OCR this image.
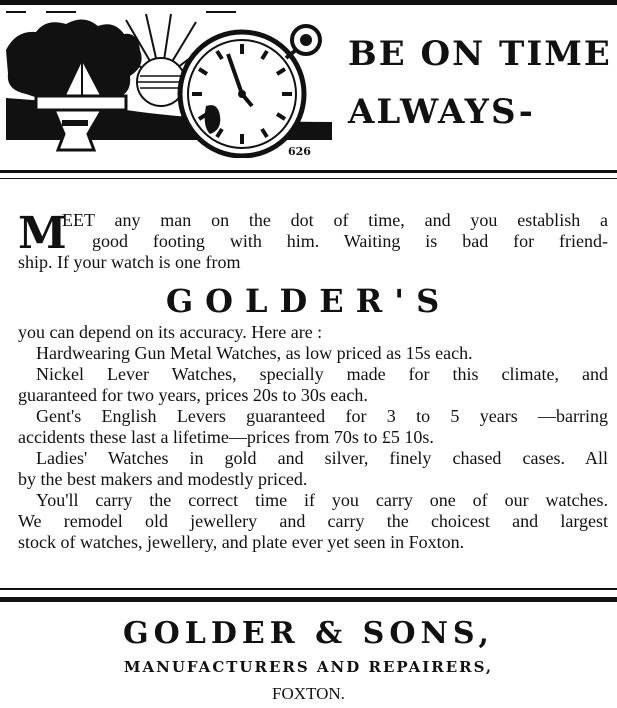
626
BE ON TIME
ALWAYS-
M
EET any man on the dot of time, and you establish a
good footing with him. Waiting is bad for friend-
ship. If your watch is one from
GOLDER'S
you can depend on its accuracy. Here are :
Hardwearing Gun Metal Watches, as low priced as 15s each.
Nickel Lever Watches, specially made for this climate, and
guaranteed for two years, prices 20s to 30s each.
Gent's English Levers guaranteed for 3 to 5 years —barring
accidents these last a lifetime—prices from 70s to £5 10s.
Ladies' Watches in gold and silver, finely chased cases. All
by the best makers and modestly priced.
You'll carry the correct time if you carry one of our watches.
We remodel old jewellery and carry the choicest and largest
stock of watches, jewellery, and plate ever yet seen in Foxton.
GOLDER & SONS,
MANUFACTURERS AND REPAIRERS,
FOXTON.
